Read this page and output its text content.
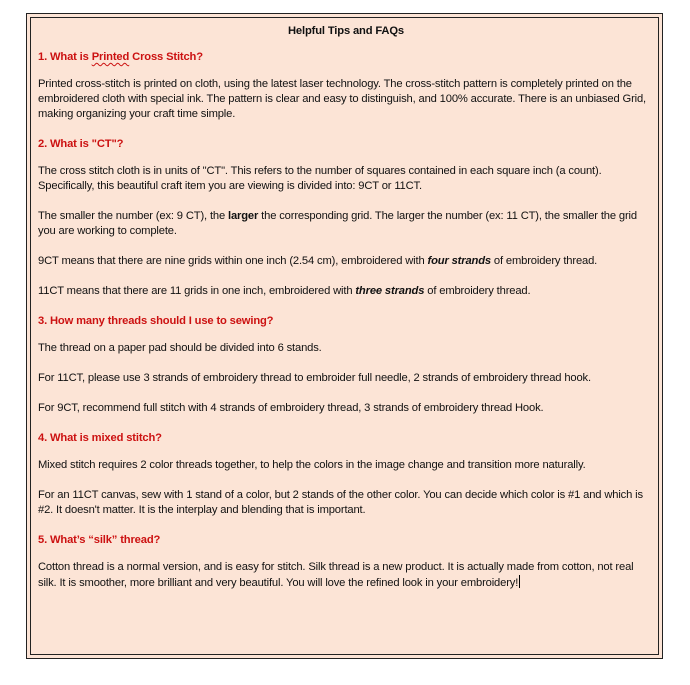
Helpful Tips and FAQs
1. What is Printed Cross Stitch?
Printed cross-stitch is printed on cloth, using the latest laser technology. The cross-stitch pattern is completely printed on the embroidered cloth with special ink. The pattern is clear and easy to distinguish, and 100% accurate. There is an unbiased Grid, making organizing your craft time simple.
2. What is "CT"?
The cross stitch cloth is in units of "CT". This refers to the number of squares contained in each square inch (a count). Specifically, this beautiful craft item you are viewing is divided into: 9CT or 11CT.
The smaller the number (ex: 9 CT), the larger the corresponding grid. The larger the number (ex: 11 CT), the smaller the grid you are working to complete.
9CT means that there are nine grids within one inch (2.54 cm), embroidered with four strands of embroidery thread.
11CT means that there are 11 grids in one inch, embroidered with three strands of embroidery thread.
3. How many threads should I use to sewing?
The thread on a paper pad should be divided into 6 stands.
For 11CT, please use 3 strands of embroidery thread to embroider full needle, 2 strands of embroidery thread hook.
For 9CT, recommend full stitch with 4 strands of embroidery thread, 3 strands of embroidery thread Hook.
4. What is mixed stitch?
Mixed stitch requires 2 color threads together, to help the colors in the image change and transition more naturally.
For an 11CT canvas, sew with 1 stand of a color, but 2 stands of the other color. You can decide which color is #1 and which is #2. It doesn't matter. It is the interplay and blending that is important.
5. What’s “silk” thread?
Cotton thread is a normal version, and is easy for stitch. Silk thread is a new product. It is actually made from cotton, not real silk. It is smoother, more brilliant and very beautiful. You will love the refined look in your embroidery!
